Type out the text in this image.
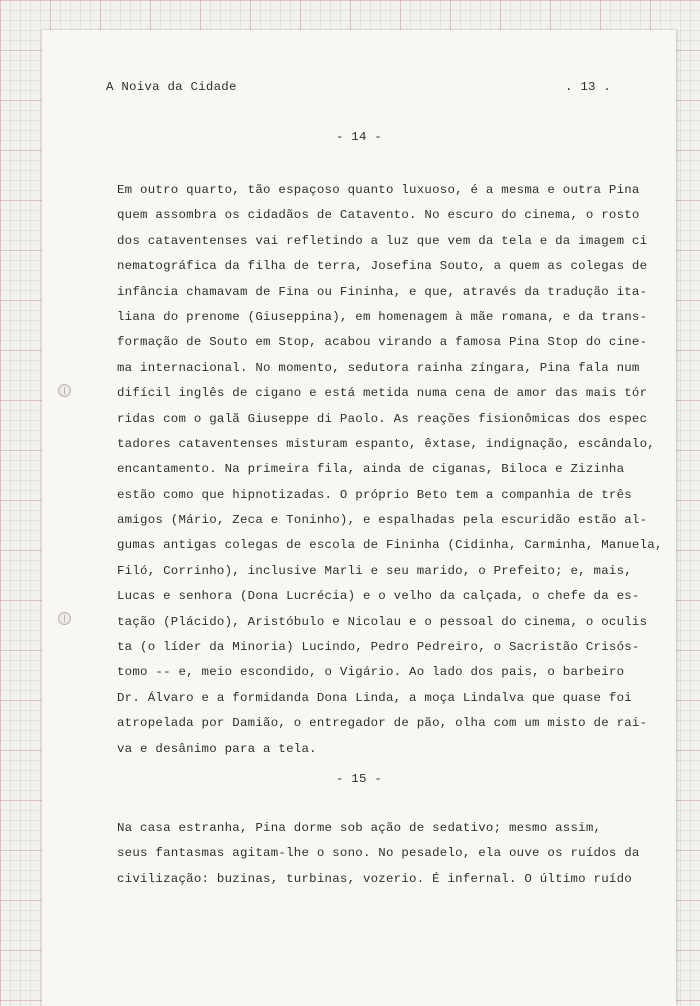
A Noiva da Cidade	. 13 .
- 14 -
Em outro quarto, tão espaçoso quanto luxuoso, é a mesma e outra Pina
quem assombra os cidadãos de Catavento. No escuro do cinema, o rosto
dos cataventenses vai refletindo a luz que vem da tela e da imagem ci
nematográfica da filha de terra, Josefina Souto, a quem as colegas de
infância chamavam de Fina ou Fininha, e que, através da tradução ita-
liana do prenome (Giuseppina), em homenagem à mãe romana, e da trans-
formação de Souto em Stop, acabou virando a famosa Pina Stop do cine-
ma internacional. No momento, sedutora rainha zíngara, Pina fala num
difícil inglês de cigano e está metida numa cena de amor das mais tór
ridas com o galã Giuseppe di Paolo. As reações fisionômicas dos espec
tadores cataventenses misturam espanto, êxtase, indignação, escândalo,
encantamento. Na primeira fila, ainda de ciganas, Biloca e Zizinha
estão como que hipnotizadas. O próprio Beto tem a companhia de três
amigos (Mário, Zeca e Toninho), e espalhadas pela escuridão estão al-
gumas antigas colegas de escola de Fininha (Cidinha, Carminha, Manuela,
Filó, Corrinho), inclusive Marli e seu marido, o Prefeito; e, mais,
Lucas e senhora (Dona Lucrécia) e o velho da calçada, o chefe da es-
tação (Plácido), Aristóbulo e Nicolau e o pessoal do cinema, o oculis
ta (o líder da Minoria) Lucindo, Pedro Pedreiro, o Sacristão Crisós-
tomo -- e, meio escondido, o Vigário. Ao lado dos pais, o barbeiro
Dr. Álvaro e a formidanda Dona Linda, a moça Lindalva que quase foi
atropelada por Damião, o entregador de pão, olha com um misto de rai-
va e desânimo para a tela.
- 15 -
Na casa estranha, Pina dorme sob ação de sedativo; mesmo assim,
seus fantasmas agitam-lhe o sono. No pesadelo, ela ouve os ruídos da
civilização: buzinas, turbinas, vozerio. É infernal. O último ruído
